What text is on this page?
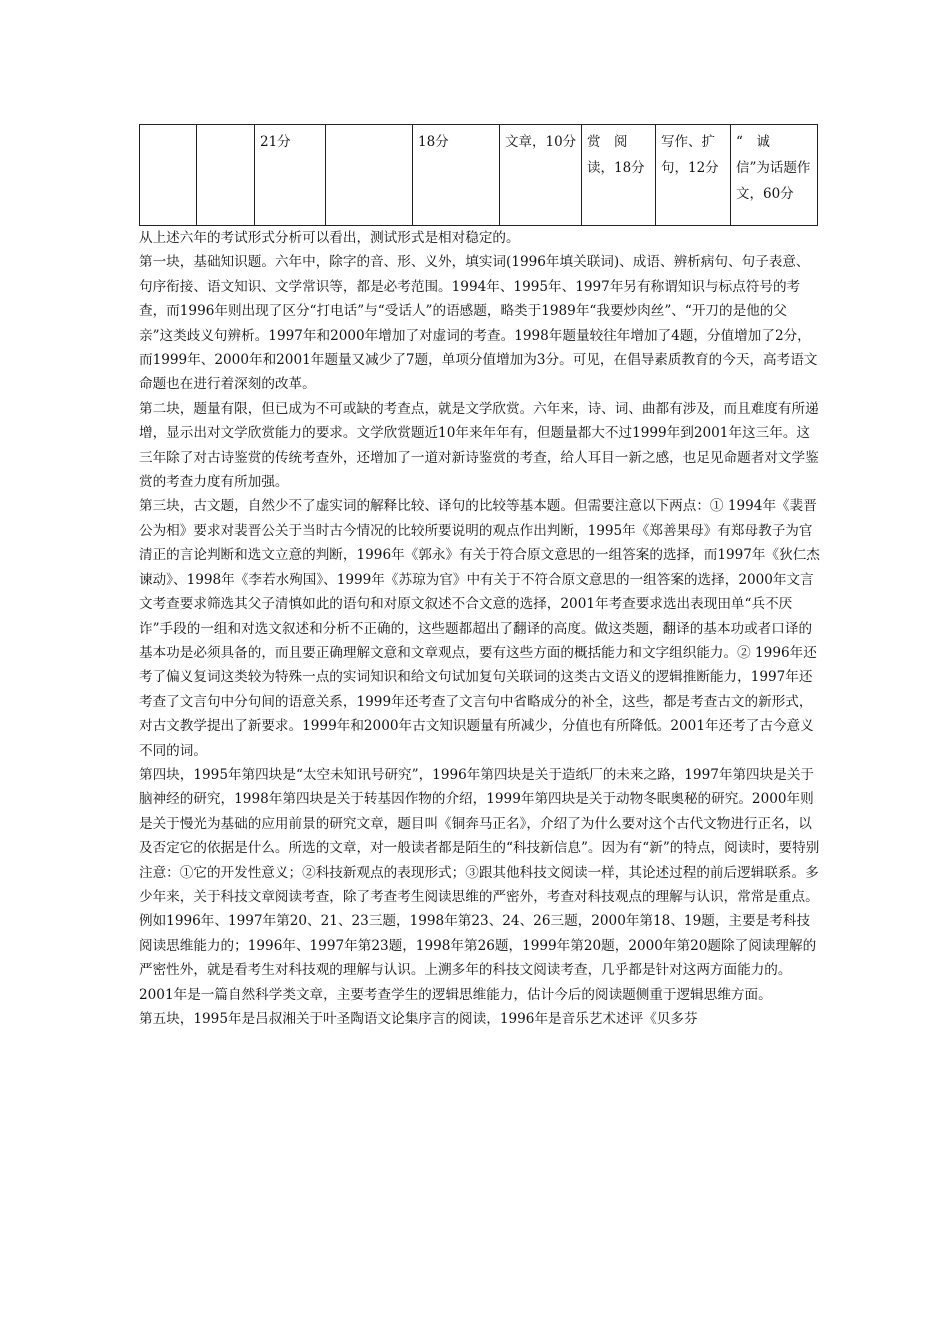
		21分		18分	文章，10分	赏　阅读，18分	写作、扩句，12分	“　诚　信”为话题作文，60分

从上述六年的考试形式分析可以看出，测试形式是相对稳定的。

第一块，基础知识题。六年中，除字的音、形、义外，填实词(1996年填关联词)、成语、辨析病句、句子表意、句序衔接、语文知识、文学常识等，都是必考范围。1994年、1995年、1997年另有称谓知识与标点符号的考查，而1996年则出现了区分“打电话”与“受话人”的语感题，略类于1989年“我要炒肉丝”、“开刀的是他的父亲”这类歧义句辨析。1997年和2000年增加了对虚词的考查。1998年题量较往年增加了4题，分值增加了2分，而1999年、2000年和2001年题量又减少了7题，单项分值增加为3分。可见，在倡导素质教育的今天，高考语文命题也在进行着深刻的改革。

第二块，题量有限，但已成为不可或缺的考查点，就是文学欣赏。六年来，诗、词、曲都有涉及，而且难度有所递增，显示出对文学欣赏能力的要求。文学欣赏题近10年来年年有，但题量都大不过1999年到2001年这三年。这三年除了对古诗鉴赏的传统考查外，还增加了一道对新诗鉴赏的考查，给人耳目一新之感，也足见命题者对文学鉴赏的考查力度有所加强。

第三块，古文题，自然少不了虚实词的解释比较、译句的比较等基本题。但需要注意以下两点：① 1994年《裴晋公为相》要求对裴晋公关于当时古今情况的比较所要说明的观点作出判断，1995年《郑善果母》有郑母教子为官清正的言论判断和选文立意的判断，1996年《郭永》有关于符合原文意思的一组答案的选择，而1997年《狄仁杰谏动》、1998年《李若水殉国》、1999年《苏琼为官》中有关于不符合原文意思的一组答案的选择，2000年文言文考查要求筛选其父子清慎如此的语句和对原文叙述不合文意的选择，2001年考查要求选出表现田单“兵不厌诈”手段的一组和对选文叙述和分析不正确的，这些题都超出了翻译的高度。做这类题，翻译的基本功或者口译的基本功是必须具备的，而且要正确理解文意和文章观点，要有这些方面的概括能力和文字组织能力。② 1996年还考了偏义复词这类较为特殊一点的实词知识和给文句试加复句关联词的这类古文语义的逻辑推断能力，1997年还考查了文言句中分句间的语意关系，1999年还考查了文言句中省略成分的补全，这些，都是考查古文的新形式，对古文教学提出了新要求。1999年和2000年古文知识题量有所减少，分值也有所降低。2001年还考了古今意义不同的词。

第四块，1995年第四块是“太空未知讯号研究”，1996年第四块是关于造纸厂的未来之路，1997年第四块是关于脑神经的研究，1998年第四块是关于转基因作物的介绍，1999年第四块是关于动物冬眠奥秘的研究。2000年则是关于慢光为基础的应用前景的研究文章，题目叫《铜奔马正名》，介绍了为什么要对这个古代文物进行正名，以及否定它的依据是什么。所选的文章，对一般读者都是陌生的“科技新信息”。因为有“新”的特点，阅读时，要特别注意：①它的开发性意义；②科技新观点的表现形式；③跟其他科技文阅读一样，其论述过程的前后逻辑联系。多少年来，关于科技文章阅读考查，除了考查考生阅读思维的严密外，考查对科技观点的理解与认识，常常是重点。例如1996年、1997年第20、21、23三题，1998年第23、24、26三题，2000年第18、19题，主要是考科技阅读思维能力的；1996年、1997年第23题，1998年第26题，1999年第20题，2000年第20题除了阅读理解的严密性外，就是看考生对科技观的理解与认识。上溯多年的科技文阅读考查，几乎都是针对这两方面能力的。

2001年是一篇自然科学类文章，主要考查学生的逻辑思维能力，估计今后的阅读题侧重于逻辑思维方面。

第五块，1995年是吕叔湘关于叶圣陶语文论集序言的阅读，1996年是音乐艺术述评《贝多芬
